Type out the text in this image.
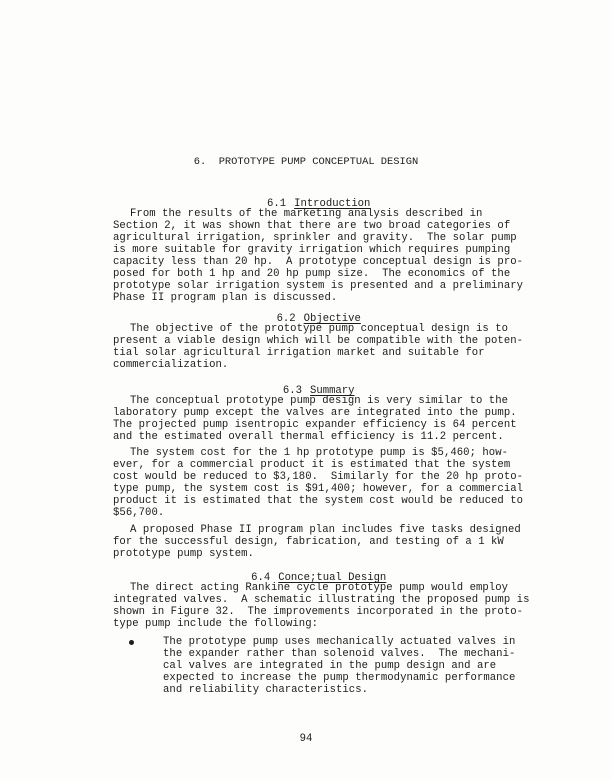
6.  PROTOTYPE PUMP CONCEPTUAL DESIGN

6.1 Introduction

From the results of the marketing analysis described in
Section 2, it was shown that there are two broad categories of
agricultural irrigation, sprinkler and gravity.  The solar pump
is more suitable for gravity irrigation which requires pumping
capacity less than 20 hp.  A prototype conceptual design is pro-
posed for both 1 hp and 20 hp pump size.  The economics of the
prototype solar irrigation system is presented and a preliminary
Phase II program plan is discussed.

6.2 Objective

The objective of the prototype pump conceptual design is to
present a viable design which will be compatible with the poten-
tial solar agricultural irrigation market and suitable for
commercialization.

6.3 Summary

The conceptual prototype pump design is very similar to the
laboratory pump except the valves are integrated into the pump.
The projected pump isentropic expander efficiency is 64 percent
and the estimated overall thermal efficiency is 11.2 percent.
The system cost for the 1 hp prototype pump is $5,460; how-
ever, for a commercial product it is estimated that the system
cost would be reduced to $3,180.  Similarly for the 20 hp proto-
type pump, the system cost is $91,400; however, for a commercial
product it is estimated that the system cost would be reduced to
$56,700.
A proposed Phase II program plan includes five tasks designed
for the successful design, fabrication, and testing of a 1 kW
prototype pump system.

6.4 Conce;tual Design

The direct acting Rankine cycle prototype pump would employ
integrated valves.  A schematic illustrating the proposed pump is
shown in Figure 32.  The improvements incorporated in the proto-
type pump include the following:
The prototype pump uses mechanically actuated valves in
the expander rather than solenoid valves.  The mechani-
cal valves are integrated in the pump design and are
expected to increase the pump thermodynamic performance
and reliability characteristics.
94
